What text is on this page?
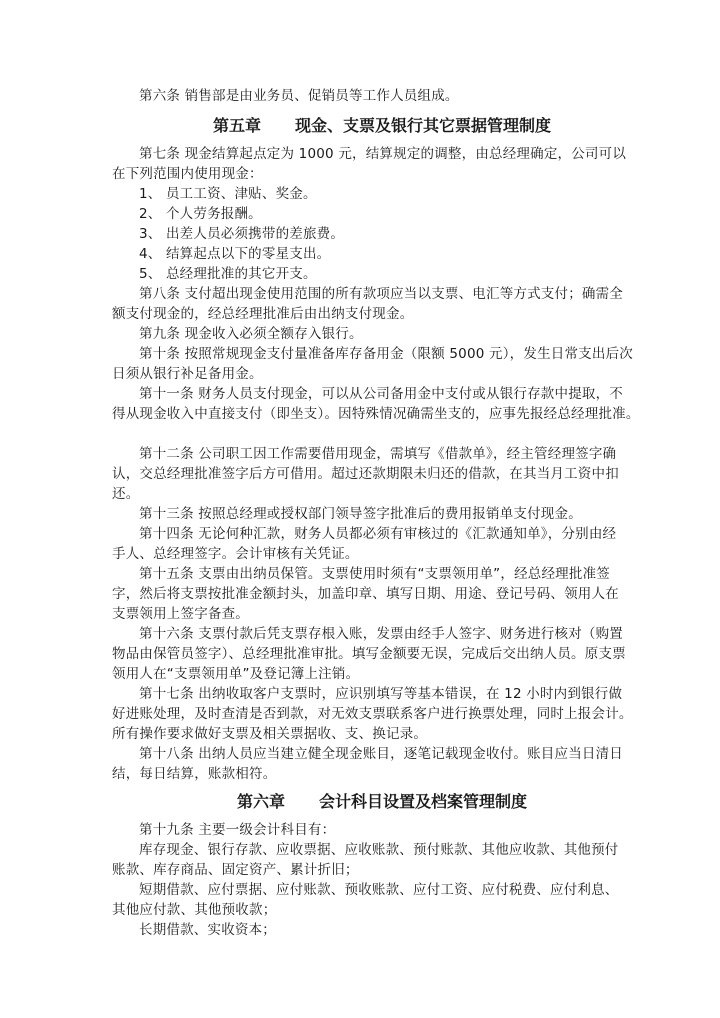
第六条 销售部是由业务员、促销员等工作人员组成。
第五章 现金、支票及银行其它票据管理制度
第七条 现金结算起点定为 1000 元，结算规定的调整，由总经理确定，公司可以
在下列范围内使用现金：
1、 员工工资、津贴、奖金。
2、 个人劳务报酬。
3、 出差人员必须携带的差旅费。
4、 结算起点以下的零星支出。
5、 总经理批准的其它开支。
第八条 支付超出现金使用范围的所有款项应当以支票、电汇等方式支付；确需全
额支付现金的，经总经理批准后由出纳支付现金。
第九条 现金收入必须全额存入银行。
第十条 按照常规现金支付量准备库存备用金（限额 5000 元），发生日常支出后次
日须从银行补足备用金。
第十一条 财务人员支付现金，可以从公司备用金中支付或从银行存款中提取，不
得从现金收入中直接支付（即坐支）。因特殊情况确需坐支的，应事先报经总经理批准。
第十二条 公司职工因工作需要借用现金，需填写《借款单》，经主管经理签字确
认，交总经理批准签字后方可借用。超过还款期限未归还的借款，在其当月工资中扣
还。
第十三条 按照总经理或授权部门领导签字批准后的费用报销单支付现金。
第十四条 无论何种汇款，财务人员都必须有审核过的《汇款通知单》，分别由经
手人、总经理签字。会计审核有关凭证。
第十五条 支票由出纳员保管。支票使用时须有“支票领用单”，经总经理批准签
字，然后将支票按批准金额封头，加盖印章、填写日期、用途、登记号码、领用人在
支票领用上签字备查。
第十六条 支票付款后凭支票存根入账，发票由经手人签字、财务进行核对（购置
物品由保管员签字）、总经理批准审批。填写金额要无误，完成后交出纳人员。原支票
领用人在“支票领用单”及登记簿上注销。
第十七条 出纳收取客户支票时，应识别填写等基本错误，在 12 小时内到银行做
好进账处理，及时查清是否到款，对无效支票联系客户进行换票处理，同时上报会计。
所有操作要求做好支票及相关票据收、支、换记录。
第十八条 出纳人员应当建立健全现金账目，逐笔记载现金收付。账目应当日清日
结，每日结算，账款相符。
第六章 会计科目设置及档案管理制度
第十九条 主要一级会计科目有：
库存现金、银行存款、应收票据、应收账款、预付账款、其他应收款、其他预付
账款、库存商品、固定资产、累计折旧；
短期借款、应付票据、应付账款、预收账款、应付工资、应付税费、应付利息、
其他应付款、其他预收款；
长期借款、实收资本；
